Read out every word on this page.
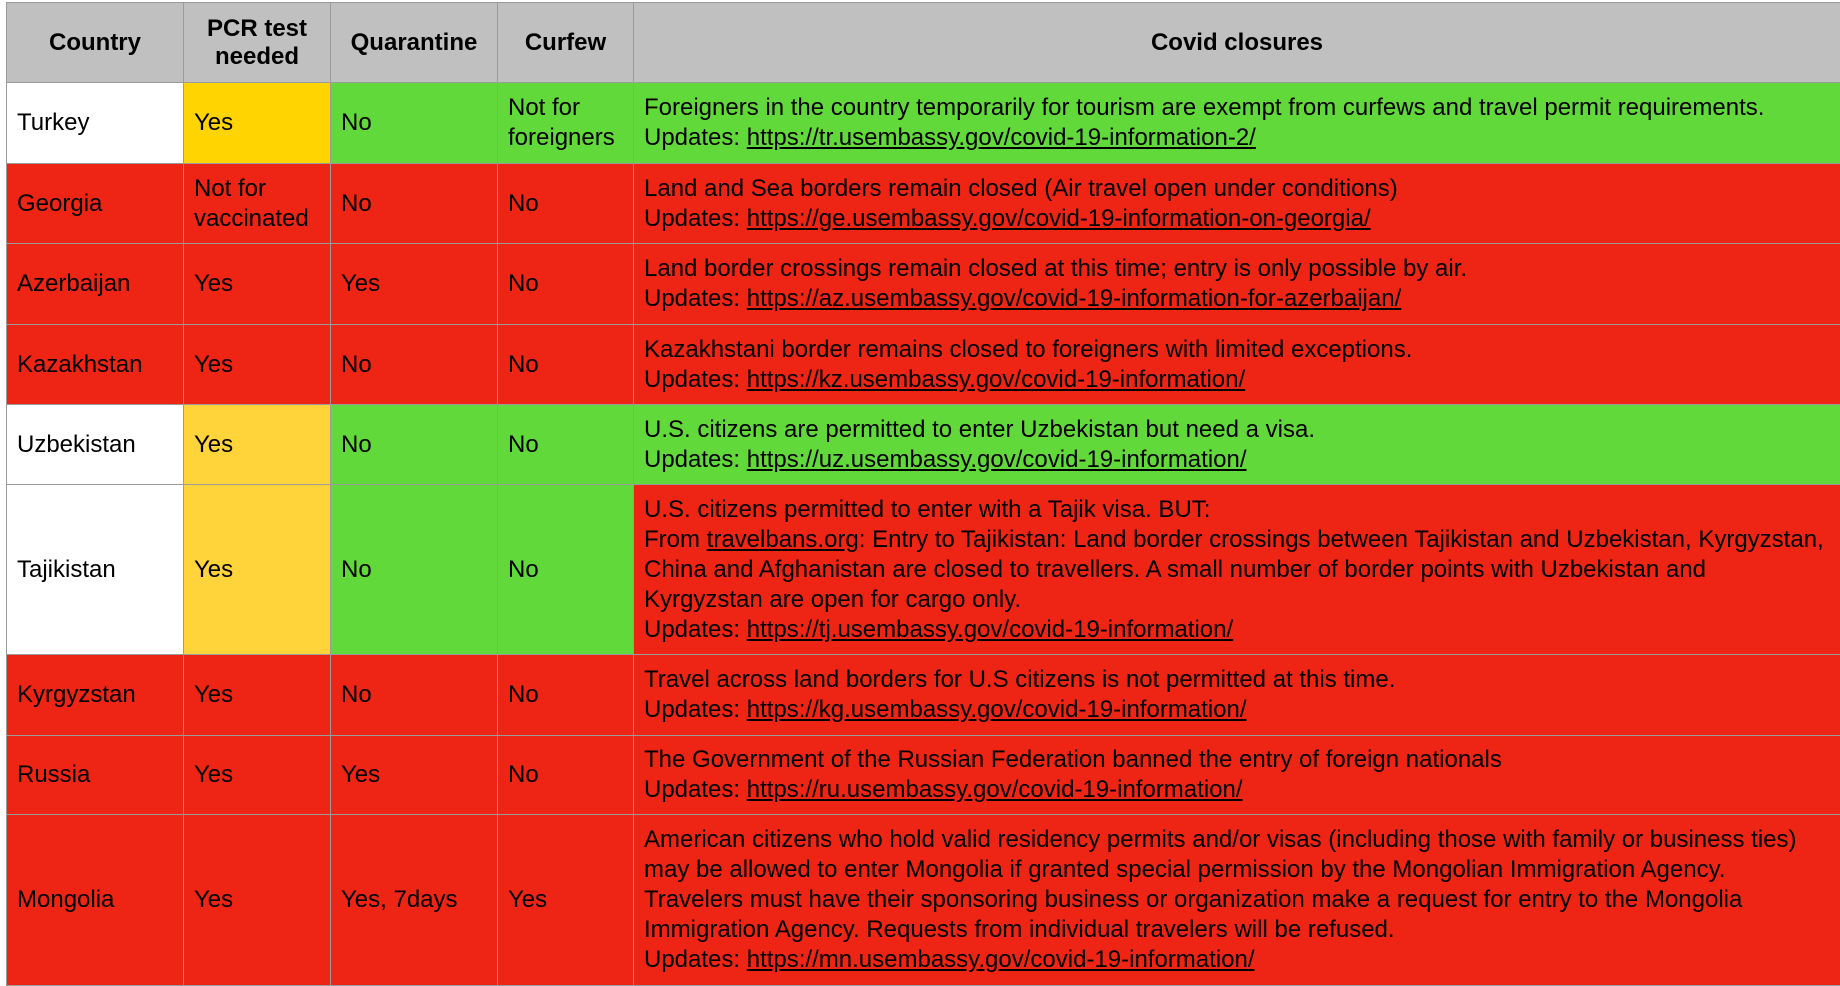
Country	PCR test needed	Quarantine	Curfew	Covid closures
Turkey	Yes	No	Not for foreigners	Foreigners in the country temporarily for tourism are exempt from curfews and travel permit requirements.
Updates: https://tr.usembassy.gov/covid-19-information-2/

Georgia	Not for vaccinated	No	No	Land and Sea borders remain closed (Air travel open under conditions)
Updates: https://ge.usembassy.gov/covid-19-information-on-georgia/

Azerbaijan	Yes	Yes	No	Land border crossings remain closed at this time; entry is only possible by air.
Updates: https://az.usembassy.gov/covid-19-information-for-azerbaijan/

Kazakhstan	Yes	No	No	Kazakhstani border remains closed to foreigners with limited exceptions.
Updates: https://kz.usembassy.gov/covid-19-information/

Uzbekistan	Yes	No	No	U.S. citizens are permitted to enter Uzbekistan but need a visa.
Updates: https://uz.usembassy.gov/covid-19-information/

Tajikistan	Yes	No	No	U.S. citizens permitted to enter with a Tajik visa. BUT:
From travelbans.org: Entry to Tajikistan: Land border crossings between Tajikistan and Uzbekistan, Kyrgyzstan, China and Afghanistan are closed to travellers. A small number of border points with Uzbekistan and Kyrgyzstan are open for cargo only.
Updates: https://tj.usembassy.gov/covid-19-information/

Kyrgyzstan	Yes	No	No	Travel across land borders for U.S citizens is not permitted at this time.
Updates: https://kg.usembassy.gov/covid-19-information/

Russia	Yes	Yes	No	The Government of the Russian Federation banned the entry of foreign nationals
Updates: https://ru.usembassy.gov/covid-19-information/

Mongolia	Yes	Yes, 7days	Yes	American citizens who hold valid residency permits and/or visas (including those with family or business ties) may be allowed to enter Mongolia if granted special permission by the Mongolian Immigration Agency. Travelers must have their sponsoring business or organization make a request for entry to the Mongolia Immigration Agency. Requests from individual travelers will be refused.
Updates: https://mn.usembassy.gov/covid-19-information/
